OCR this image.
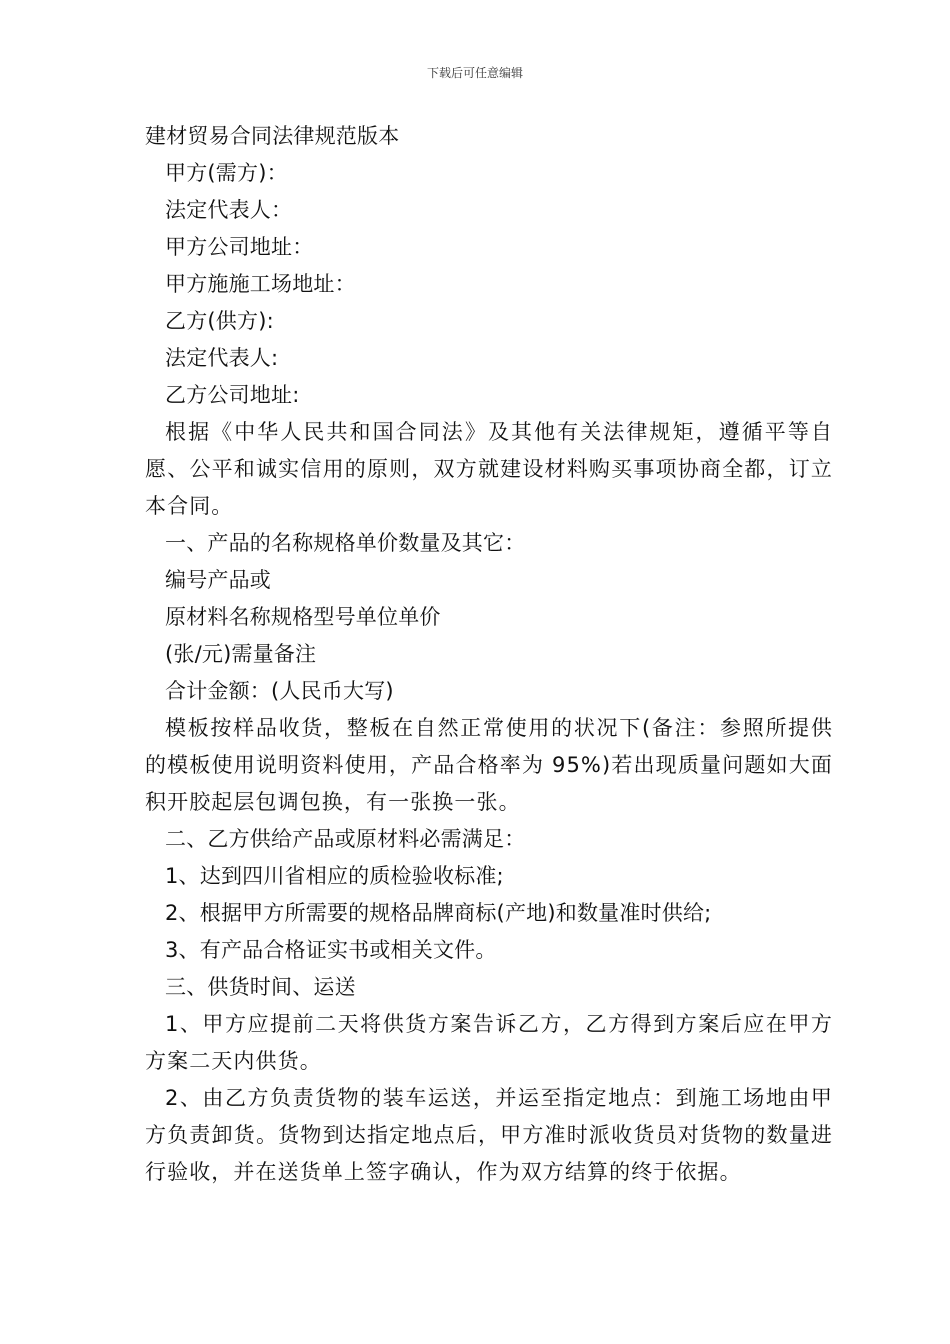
下载后可任意编辑

建材贸易合同法律规范版本

甲方(需方)：

法定代表人：

甲方公司地址：

甲方施施工场地址：

乙方(供方):

法定代表人:

乙方公司地址:

根据《中华人民共和国合同法》及其他有关法律规矩，遵循平等自愿、公平和诚实信用的原则，双方就建设材料购买事项协商全都，订立本合同。

一、产品的名称规格单价数量及其它：

编号产品或

原材料名称规格型号单位单价

(张/元)需量备注

合计金额：(人民币大写)

模板按样品收货，整板在自然正常使用的状况下(备注：参照所提供的模板使用说明资料使用，产品合格率为 95%)若出现质量问题如大面积开胶起层包调包换，有一张换一张。

二、乙方供给产品或原材料必需满足：

1、达到四川省相应的质检验收标准;

2、根据甲方所需要的规格品牌商标(产地)和数量准时供给;

3、有产品合格证实书或相关文件。

三、供货时间、运送

1、甲方应提前二天将供货方案告诉乙方，乙方得到方案后应在甲方方案二天内供货。

2、由乙方负责货物的装车运送，并运至指定地点：到施工场地由甲方负责卸货。货物到达指定地点后，甲方准时派收货员对货物的数量进行验收，并在送货单上签字确认，作为双方结算的终于依据。
